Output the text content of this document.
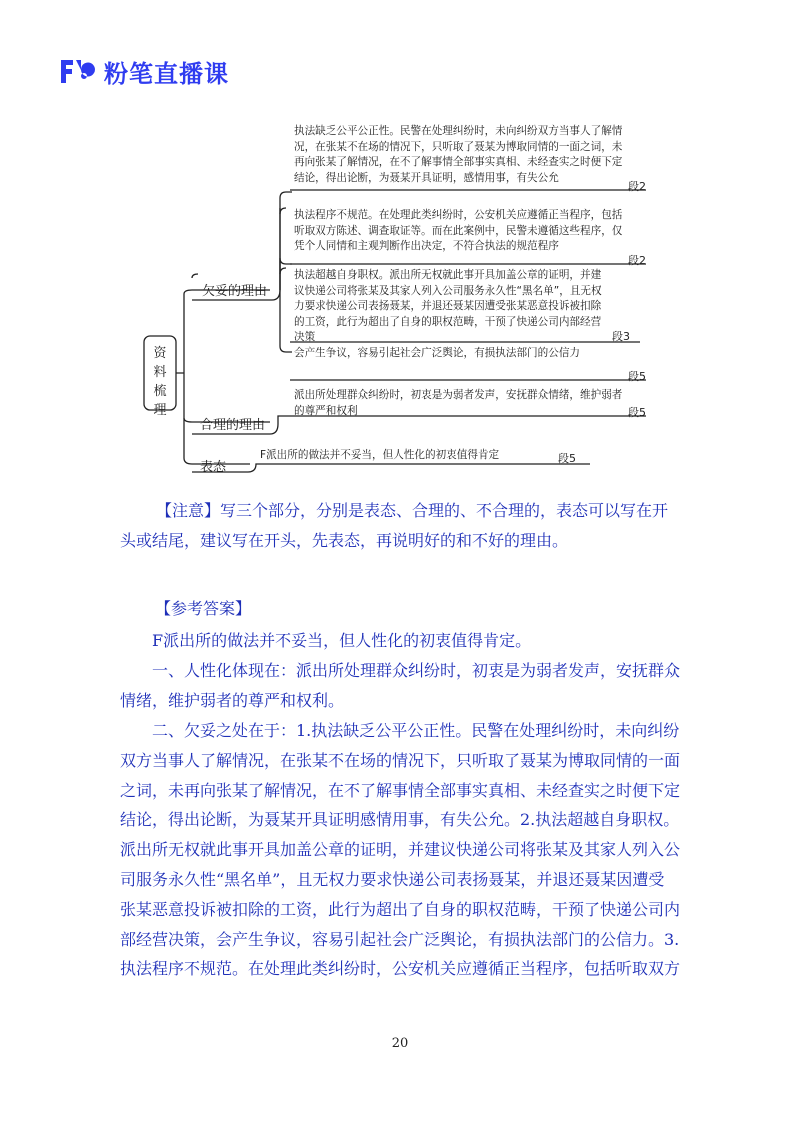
粉笔直播课
资料梳理
欠妥的理由
合理的理由
表态
执法缺乏公平公正性。民警在处理纠纷时，未向纠纷双方当事人了解情况，在张某不在场的情况下，只听取了聂某为博取同情的一面之词，未再向张某了解情况，在不了解事情全部事实真相、未经查实之时便下定结论，得出论断，为聂某开具证明，感情用事，有失公允
段2
执法程序不规范。在处理此类纠纷时，公安机关应遵循正当程序，包括听取双方陈述、调查取证等。而在此案例中，民警未遵循这些程序，仅凭个人同情和主观判断作出决定，不符合执法的规范程序
段2
执法超越自身职权。派出所无权就此事开具加盖公章的证明，并建议快递公司将张某及其家人列入公司服务永久性“黑名单”，且无权力要求快递公司表扬聂某，并退还聂某因遭受张某恶意投诉被扣除的工资，此行为超出了自身的职权范畴，干预了快递公司内部经营决策	段3
会产生争议，容易引起社会广泛舆论，有损执法部门的公信力
段5
派出所处理群众纠纷时，初衷是为弱者发声，安抚群众情绪，维护弱者的尊严和权利	段5
F派出所的做法并不妥当，但人性化的初衷值得肯定	段5

【注意】写三个部分，分别是表态、合理的、不合理的，表态可以写在开头或结尾，建议写在开头，先表态，再说明好的和不好的理由。

【参考答案】

F派出所的做法并不妥当，但人性化的初衷值得肯定。

一、人性化体现在：派出所处理群众纠纷时，初衷是为弱者发声，安抚群众情绪，维护弱者的尊严和权利。

二、欠妥之处在于：1.执法缺乏公平公正性。民警在处理纠纷时，未向纠纷双方当事人了解情况，在张某不在场的情况下，只听取了聂某为博取同情的一面之词，未再向张某了解情况，在不了解事情全部事实真相、未经查实之时便下定结论，得出论断，为聂某开具证明感情用事，有失公允。2.执法超越自身职权。派出所无权就此事开具加盖公章的证明，并建议快递公司将张某及其家人列入公司服务永久性“黑名单”，且无权力要求快递公司表扬聂某，并退还聂某因遭受张某恶意投诉被扣除的工资，此行为超出了自身的职权范畴，干预了快递公司内部经营决策，会产生争议，容易引起社会广泛舆论，有损执法部门的公信力。3.执法程序不规范。在处理此类纠纷时，公安机关应遵循正当程序，包括听取双方

20
